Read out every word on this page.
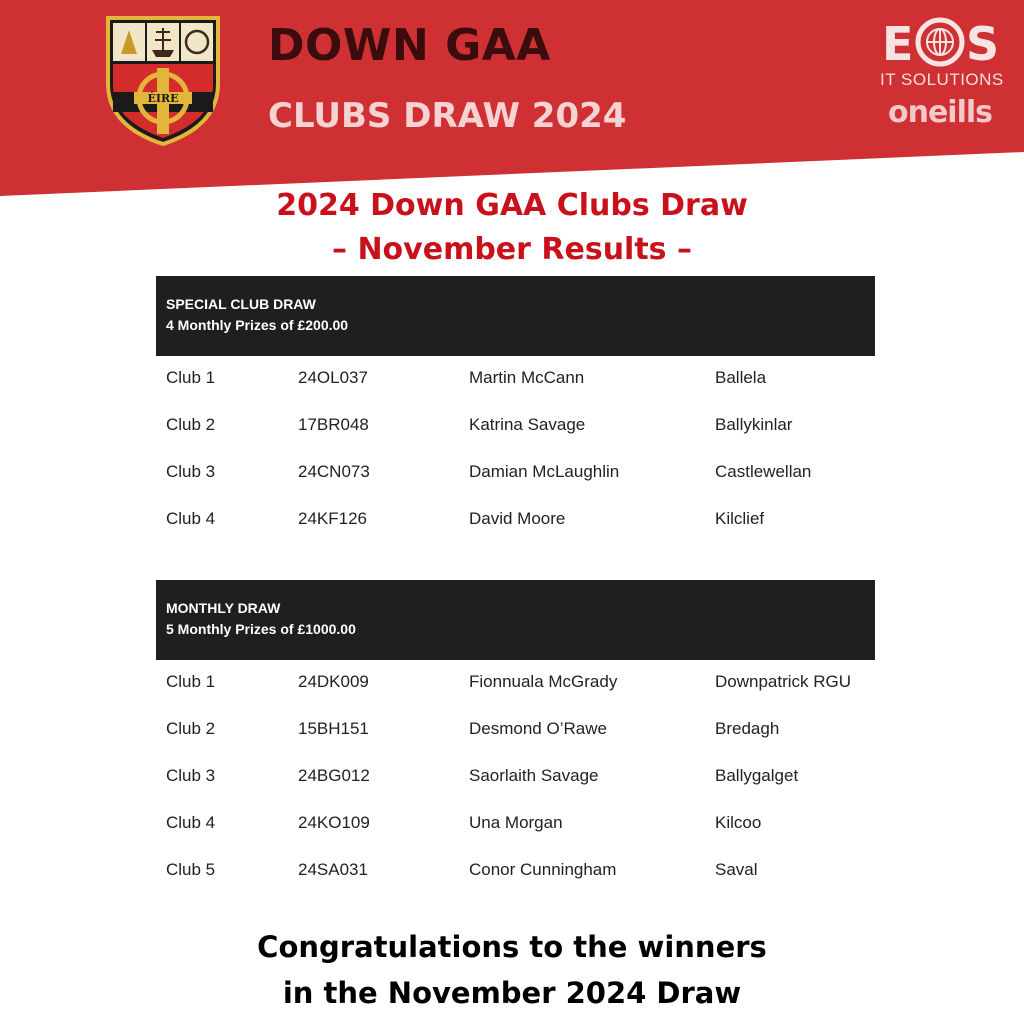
ÉIRE
DOWN GAA
CLUBS DRAW 2024
E S
IT SOLUTIONS
oneills
2024 Down GAA Clubs Draw
– November Results –
SPECIAL CLUB DRAW
4 Monthly Prizes of £200.00
Club 1	24OL037	Martin McCann	Ballela
Club 2	17BR048	Katrina Savage	Ballykinlar
Club 3	24CN073	Damian McLaughlin	Castlewellan
Club 4	24KF126	David Moore	Kilclief
MONTHLY DRAW
5 Monthly Prizes of £1000.00
Club 1	24DK009	Fionnuala McGrady	Downpatrick RGU
Club 2	15BH151	Desmond O’Rawe	Bredagh
Club 3	24BG012	Saorlaith Savage	Ballygalget
Club 4	24KO109	Una Morgan	Kilcoo
Club 5	24SA031	Conor Cunningham	Saval
Congratulations to the winners
in the November 2024 Draw
